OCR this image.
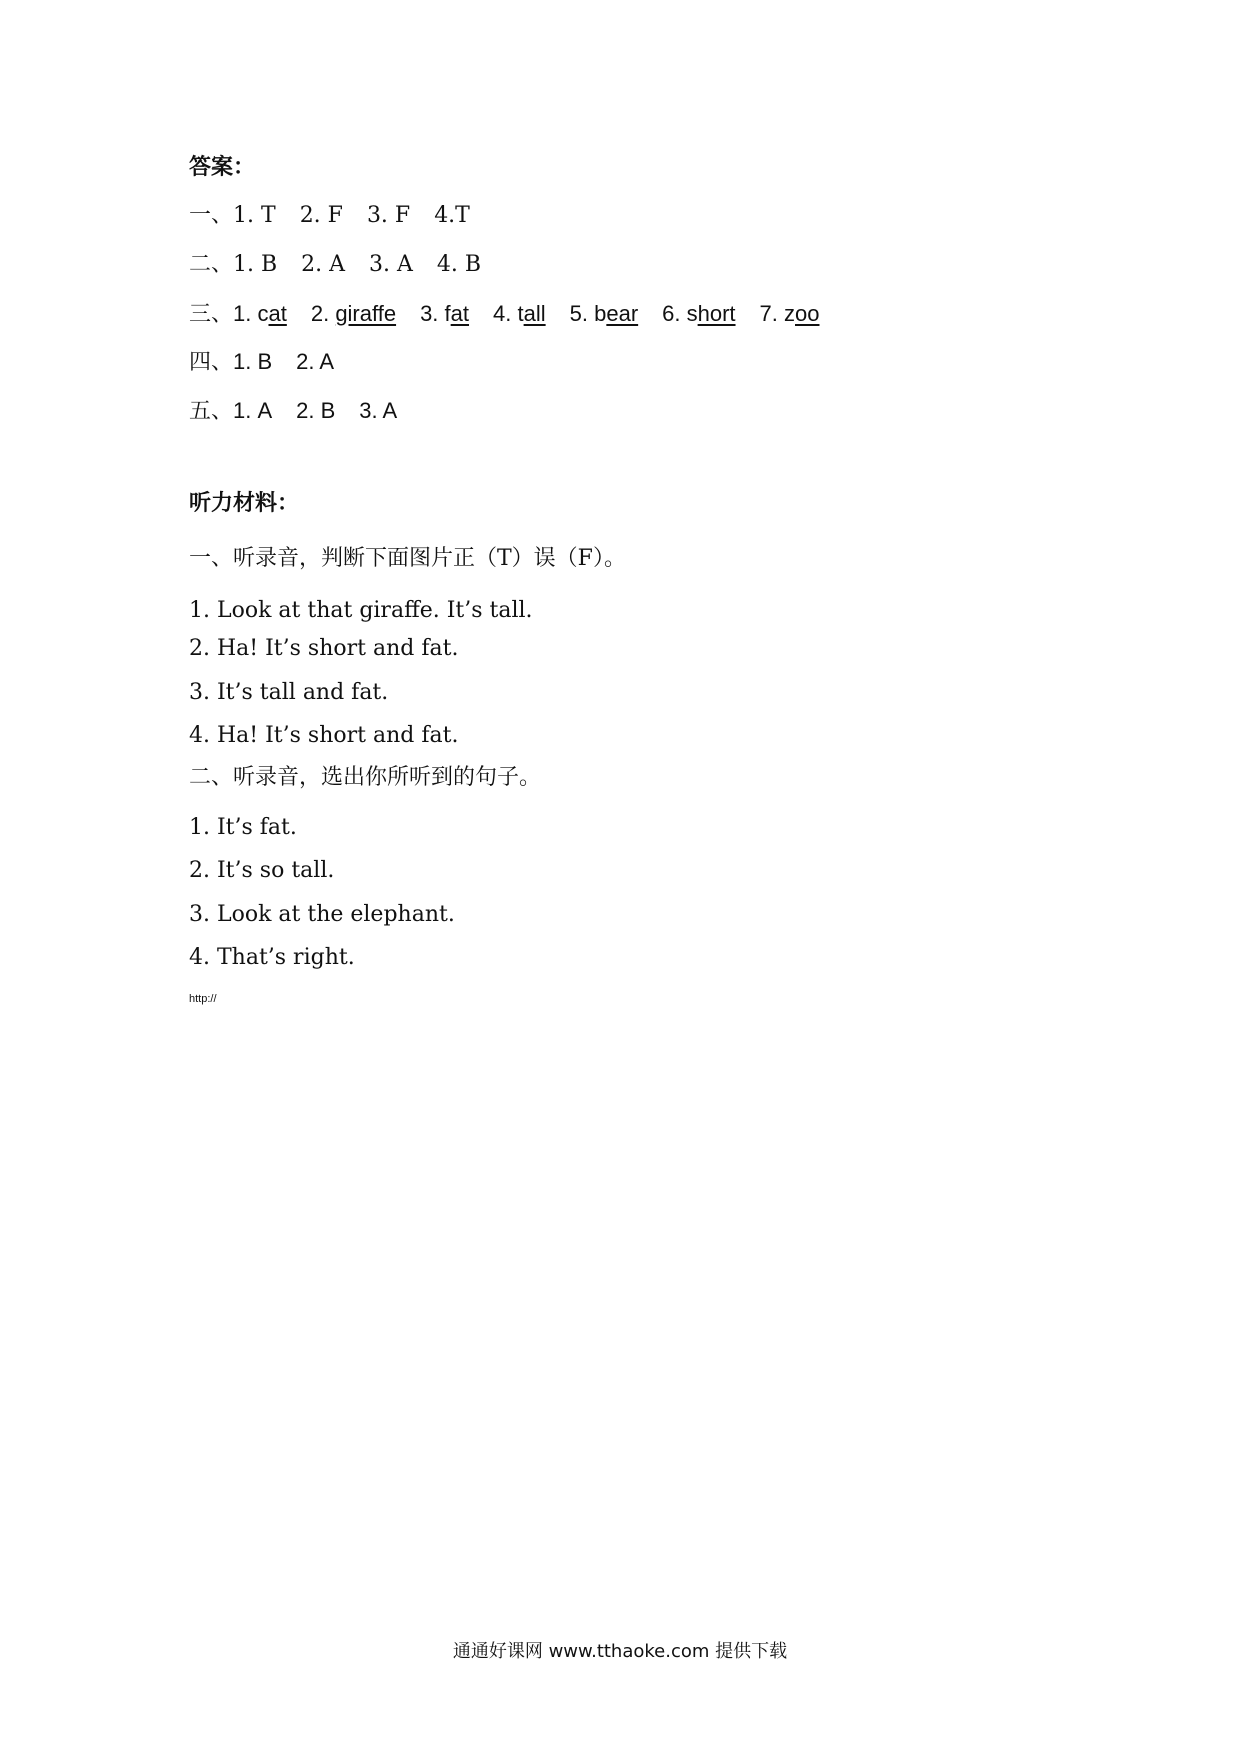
答案：
一、1. T 2. F 3. F 4.T
二、1. B 2. A 3. A 4. B
三、1. cat 2. giraffe 3. fat 4. tall 5. bear 6. short 7. zoo
四、1. B 2. A
五、1. A 2. B 3. A
听力材料：
一、听录音，判断下面图片正（T）误（F）。
1. Look at that giraffe. It’s tall.
2. Ha! It’s short and fat.
3. It’s tall and fat.
4. Ha! It’s short and fat.
二、听录音，选出你所听到的句子。
1. It’s fat.
2. It’s so tall.
3. Look at the elephant.
4. That’s right.
http://
通通好课网 www.tthaoke.com 提供下载
